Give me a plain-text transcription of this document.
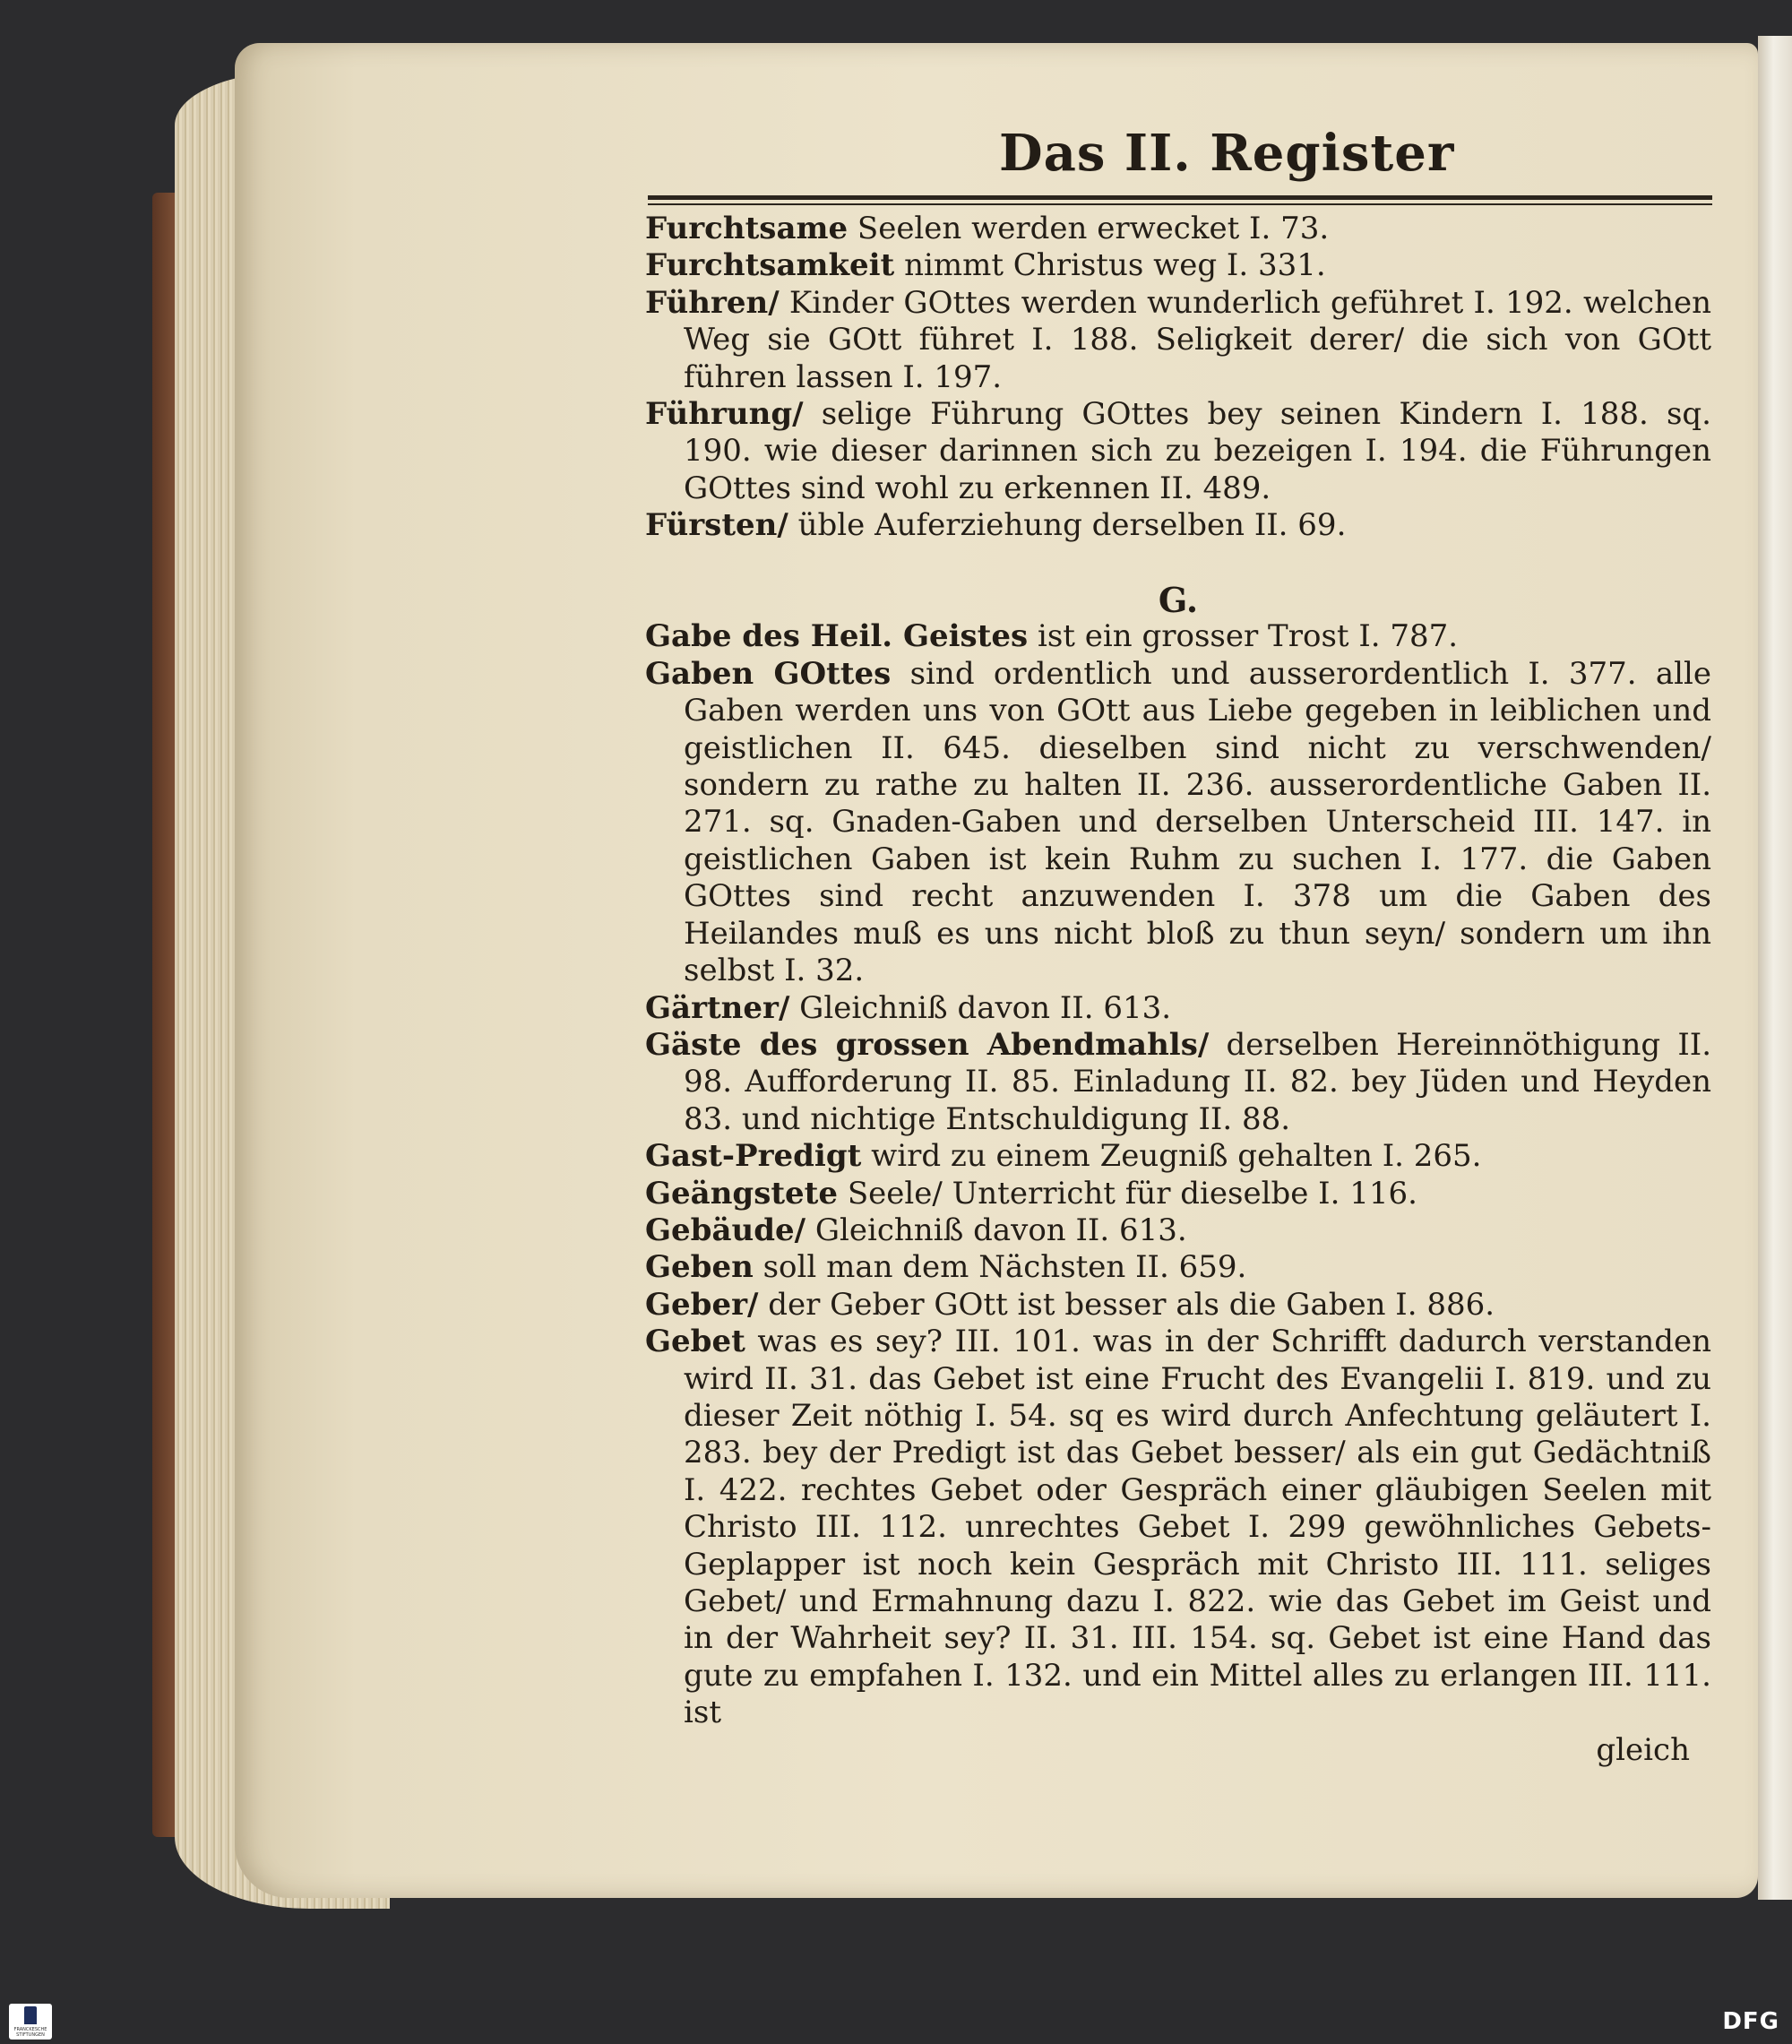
Das II. Register

Furchtsame Seelen werden erwecket I. 73.

Furchtsamkeit nimmt Christus weg I. 331.

Führen/ Kinder GOttes werden wunderlich geführet I. 192. welchen Weg sie GOtt führet I. 188. Seligkeit derer/ die sich von GOtt führen lassen I. 197.

Führung/ selige Führung GOttes bey seinen Kindern I. 188. sq. 190. wie dieser darinnen sich zu bezeigen I. 194. die Führungen GOttes sind wohl zu erkennen II. 489.

Fürsten/ üble Auferziehung derselben II. 69.

G.

Gabe des Heil. Geistes ist ein grosser Trost I. 787.

Gaben GOttes sind ordentlich und ausserordentlich I. 377. alle Gaben werden uns von GOtt aus Liebe gegeben in leiblichen und geistlichen II. 645. dieselben sind nicht zu verschwenden/ sondern zu rathe zu halten II. 236. ausserordentliche Gaben II. 271. sq. Gnaden-Gaben und derselben Unterscheid III. 147. in geistlichen Gaben ist kein Ruhm zu suchen I. 177. die Gaben GOttes sind recht anzuwenden I. 378 um die Gaben des Heilandes muß es uns nicht bloß zu thun seyn/ sondern um ihn selbst I. 32.

Gärtner/ Gleichniß davon II. 613.

Gäste des grossen Abendmahls/ derselben Hereinnöthigung II. 98. Aufforderung II. 85. Einladung II. 82. bey Jüden und Heyden 83. und nichtige Entschuldigung II. 88.

Gast-Predigt wird zu einem Zeugniß gehalten I. 265.

Geängstete Seele/ Unterricht für dieselbe I. 116.

Gebäude/ Gleichniß davon II. 613.

Geben soll man dem Nächsten II. 659.

Geber/ der Geber GOtt ist besser als die Gaben I. 886.

Gebet was es sey? III. 101. was in der Schrifft dadurch verstanden wird II. 31. das Gebet ist eine Frucht des Evangelii I. 819. und zu dieser Zeit nöthig I. 54. sq es wird durch Anfechtung geläutert I. 283. bey der Predigt ist das Gebet besser/ als ein gut Gedächtniß I. 422. rechtes Gebet oder Gespräch einer gläubigen Seelen mit Christo III. 112. unrechtes Gebet I. 299 gewöhnliches Gebets-Geplapper ist noch kein Gespräch mit Christo III. 111. seliges Gebet/ und Ermahnung dazu I. 822. wie das Gebet im Geist und in der Wahrheit sey? II. 31. III. 154. sq. Gebet ist eine Hand das gute zu empfahen I. 132. und ein Mittel alles zu erlangen III. 111. ist

gleich
FRANCKESCHE STIFTUNGEN	DFG
